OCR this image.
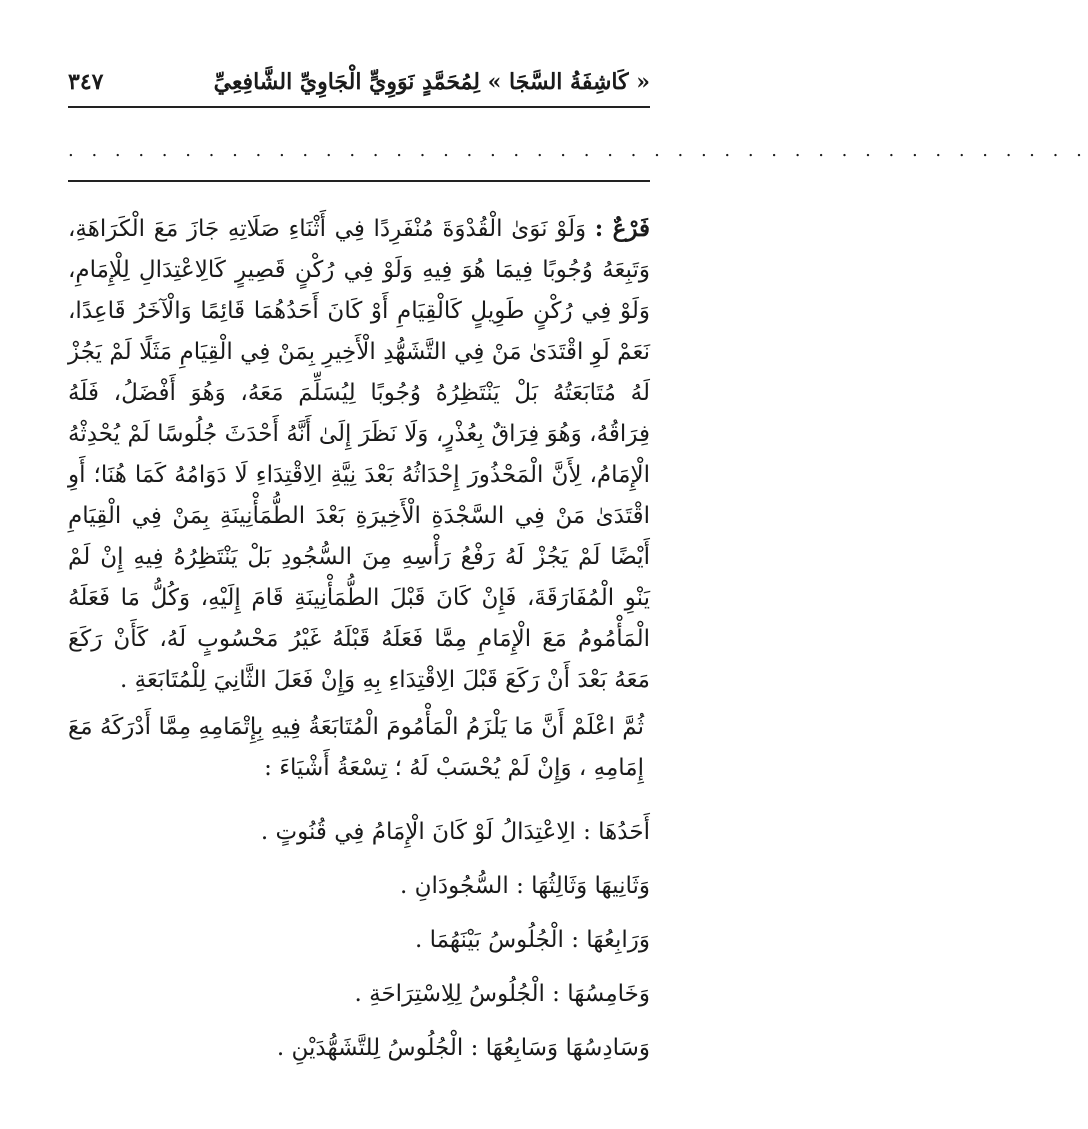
٣٤٧	« كَاشِفَةُ السَّجَا » لِمُحَمَّدٍ نَوَوِيٍّ الْجَاوِيِّ الشَّافِعِيِّ
. . . . . . . . . . . . . . . . . . . . . . . . . . . . . . . . . . . . . . . . . . . .

فَرْعٌ : وَلَوْ نَوَىٰ الْقُدْوَةَ مُنْفَرِدًا فِي أَثْنَاءِ صَلَاتِهِ جَازَ مَعَ الْكَرَاهَةِ، وَتَبِعَهُ وُجُوبًا فِيمَا هُوَ فِيهِ وَلَوْ فِي رُكْنٍ قَصِيرٍ كَالِاعْتِدَالِ لِلْإِمَامِ، وَلَوْ فِي رُكْنٍ طَوِيلٍ كَالْقِيَامِ أَوْ كَانَ أَحَدُهُمَا قَائِمًا وَالْآخَرُ قَاعِدًا، نَعَمْ لَوِ اقْتَدَىٰ مَنْ فِي التَّشَهُّدِ الْأَخِيرِ بِمَنْ فِي الْقِيَامِ مَثَلًا لَمْ يَجُزْ لَهُ مُتَابَعَتُهُ بَلْ يَنْتَظِرُهُ وُجُوبًا لِيُسَلِّمَ مَعَهُ، وَهُوَ أَفْضَلُ، فَلَهُ فِرَاقُهُ، وَهُوَ فِرَاقٌ بِعُذْرٍ، وَلَا نَظَرَ إِلَىٰ أَنَّهُ أَحْدَثَ جُلُوسًا لَمْ يُحْدِثْهُ الْإِمَامُ، لِأَنَّ الْمَحْذُورَ إِحْدَاثُهُ بَعْدَ نِيَّةِ الِاقْتِدَاءِ لَا دَوَامُهُ كَمَا هُنَا؛ أَوِ اقْتَدَىٰ مَنْ فِي السَّجْدَةِ الْأَخِيرَةِ بَعْدَ الطُّمَأْنِينَةِ بِمَنْ فِي الْقِيَامِ أَيْضًا لَمْ يَجُزْ لَهُ رَفْعُ رَأْسِهِ مِنَ السُّجُودِ بَلْ يَنْتَظِرُهُ فِيهِ إِنْ لَمْ يَنْوِ الْمُفَارَقَةَ، فَإِنْ كَانَ قَبْلَ الطُّمَأْنِينَةِ قَامَ إِلَيْهِ، وَكُلُّ مَا فَعَلَهُ الْمَأْمُومُ مَعَ الْإِمَامِ مِمَّا فَعَلَهُ قَبْلَهُ غَيْرُ مَحْسُوبٍ لَهُ، كَأَنْ رَكَعَ مَعَهُ بَعْدَ أَنْ رَكَعَ قَبْلَ الِاقْتِدَاءِ بِهِ وَإِنْ فَعَلَ الثَّانِيَ لِلْمُتَابَعَةِ .

ثُمَّ اعْلَمْ أَنَّ مَا يَلْزَمُ الْمَأْمُومَ الْمُتَابَعَةُ فِيهِ بِإِتْمَامِهِ مِمَّا أَدْرَكَهُ مَعَ إِمَامِهِ ، وَإِنْ لَمْ يُحْسَبْ لَهُ ؛ تِسْعَةُ أَشْيَاءَ :

أَحَدُهَا : الِاعْتِدَالُ لَوْ كَانَ الْإِمَامُ فِي قُنُوتٍ .
وَثَانِيهَا وَثَالِثُهَا : السُّجُودَانِ .
وَرَابِعُهَا : الْجُلُوسُ بَيْنَهُمَا .
وَخَامِسُهَا : الْجُلُوسُ لِلِاسْتِرَاحَةِ .
وَسَادِسُهَا وَسَابِعُهَا : الْجُلُوسُ لِلتَّشَهُّدَيْنِ .
